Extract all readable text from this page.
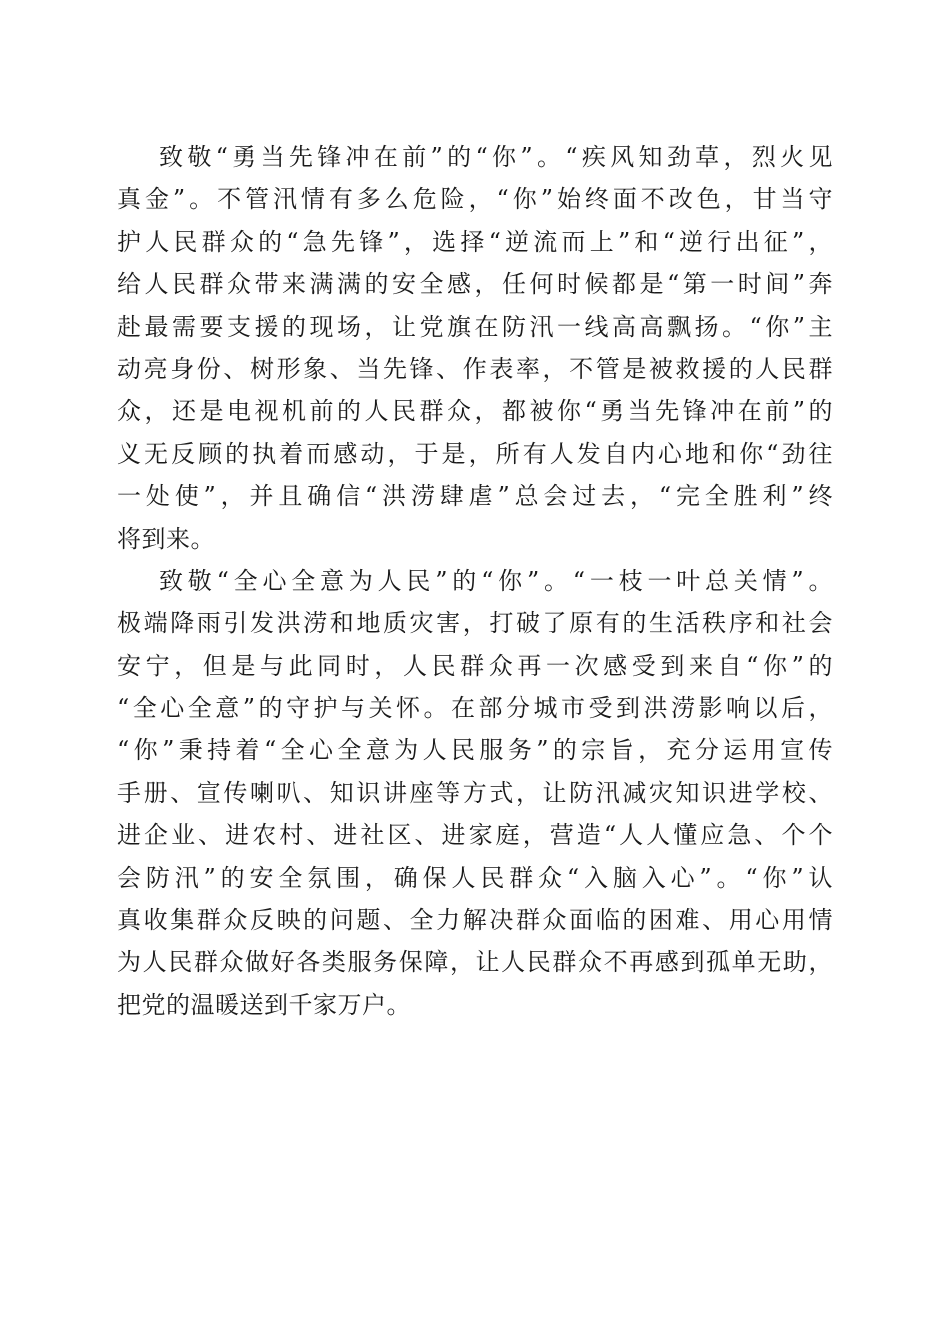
致敬“勇当先锋冲在前”的“你”。“疾风知劲草，烈火见
真金”。不管汛情有多么危险，“你”始终面不改色，甘当守
护人民群众的“急先锋”，选择“逆流而上”和“逆行出征”，
给人民群众带来满满的安全感，任何时候都是“第一时间”奔
赴最需要支援的现场，让党旗在防汛一线高高飘扬。“你”主
动亮身份、树形象、当先锋、作表率，不管是被救援的人民群
众，还是电视机前的人民群众，都被你“勇当先锋冲在前”的
义无反顾的执着而感动，于是，所有人发自内心地和你“劲往
一处使”，并且确信“洪涝肆虐”总会过去，“完全胜利”终
将到来。
致敬“全心全意为人民”的“你”。“一枝一叶总关情”。
极端降雨引发洪涝和地质灾害，打破了原有的生活秩序和社会
安宁，但是与此同时，人民群众再一次感受到来自“你”的
“全心全意”的守护与关怀。在部分城市受到洪涝影响以后，
“你”秉持着“全心全意为人民服务”的宗旨，充分运用宣传
手册、宣传喇叭、知识讲座等方式，让防汛减灾知识进学校、
进企业、进农村、进社区、进家庭，营造“人人懂应急、个个
会防汛”的安全氛围，确保人民群众“入脑入心”。“你”认
真收集群众反映的问题、全力解决群众面临的困难、用心用情
为人民群众做好各类服务保障，让人民群众不再感到孤单无助，
把党的温暖送到千家万户。
